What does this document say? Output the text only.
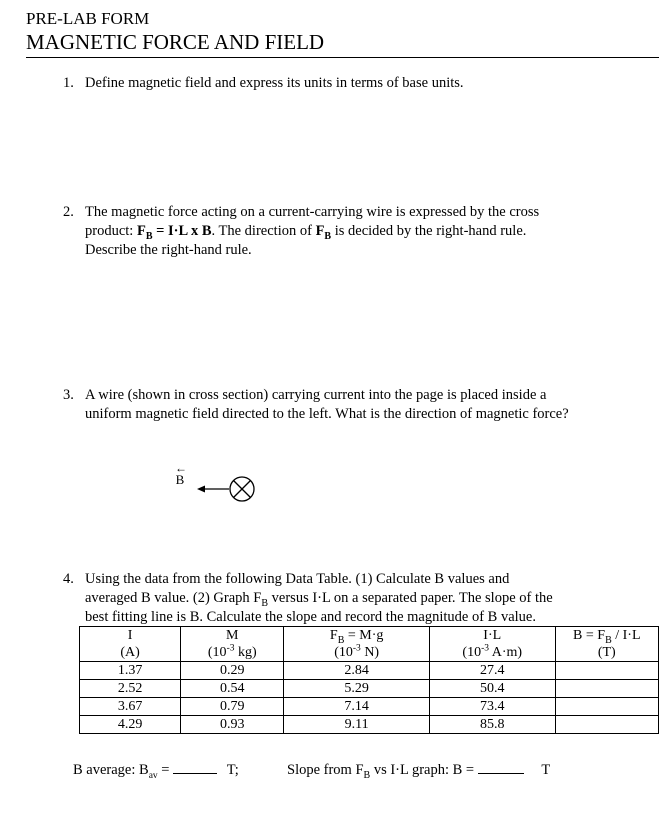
PRE-LAB FORM
MAGNETIC FORCE AND FIELD
1. Define magnetic field and express its units in terms of base units.
2. The magnetic force acting on a current-carrying wire is expressed by the cross
product: $F_B = I\cdot L$ x B. The direction of $F_B$ is decided by the right-hand rule.
Describe the right-hand rule.
3. A wire (shown in cross section) carrying current into the page is placed inside a
uniform magnetic field directed to the left. What is the direction of magnetic force?
←
B
4. Using the data from the following Data Table. (1) Calculate B values and
averaged B value. (2) Graph $F_B$ versus I·L on a separated paper. The slope of the
best fitting line is B. Calculate the slope and record the magnitude of B value.
I	M	$F_B = M\cdot g$	I·L	$B = F_B / I\cdot L$
(A)	($10^{-3}$ kg)	($10^{-3}$ N)	($10^{-3}$ A·m)	(T)
1.37	0.29	2.84	27.4	
2.52	0.54	5.29	50.4	
3.67	0.79	7.14	73.4	
4.29	0.93	9.11	85.8	
B average: $B_{av}$ =	T;	Slope from $F_B$ vs I·L graph: B =	T
